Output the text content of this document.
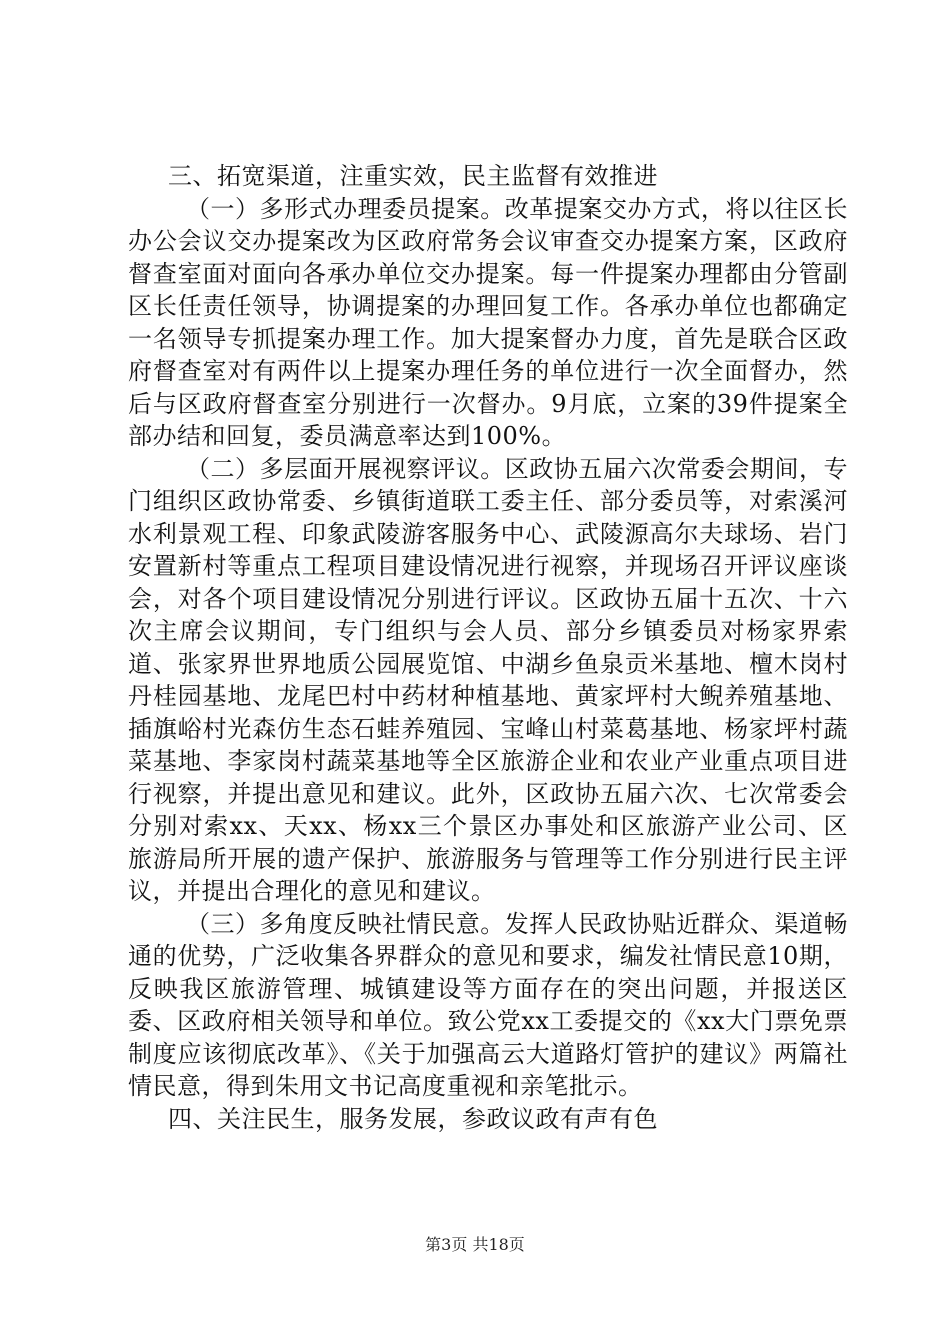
三、拓宽渠道，注重实效，民主监督有效推进

（一）多形式办理委员提案。改革提案交办方式，将以往区长办公会议交办提案改为区政府常务会议审查交办提案方案，区政府督查室面对面向各承办单位交办提案。每一件提案办理都由分管副区长任责任领导，协调提案的办理回复工作。各承办单位也都确定一名领导专抓提案办理工作。加大提案督办力度，首先是联合区政府督查室对有两件以上提案办理任务的单位进行一次全面督办，然后与区政府督查室分别进行一次督办。9月底，立案的39件提案全部办结和回复，委员满意率达到100%。

（二）多层面开展视察评议。区政协五届六次常委会期间，专门组织区政协常委、乡镇街道联工委主任、部分委员等，对索溪河水利景观工程、印象武陵游客服务中心、武陵源高尔夫球场、岩门安置新村等重点工程项目建设情况进行视察，并现场召开评议座谈会，对各个项目建设情况分别进行评议。区政协五届十五次、十六次主席会议期间，专门组织与会人员、部分乡镇委员对杨家界索道、张家界世界地质公园展览馆、中湖乡鱼泉贡米基地、檀木岗村丹桂园基地、龙尾巴村中药材种植基地、黄家坪村大鲵养殖基地、插旗峪村光森仿生态石蛙养殖园、宝峰山村菜葛基地、杨家坪村蔬菜基地、李家岗村蔬菜基地等全区旅游企业和农业产业重点项目进行视察，并提出意见和建议。此外，区政协五届六次、七次常委会分别对索xx、天xx、杨xx三个景区办事处和区旅游产业公司、区旅游局所开展的遗产保护、旅游服务与管理等工作分别进行民主评议，并提出合理化的意见和建议。

（三）多角度反映社情民意。发挥人民政协贴近群众、渠道畅通的优势，广泛收集各界群众的意见和要求，编发社情民意10期，反映我区旅游管理、城镇建设等方面存在的突出问题，并报送区委、区政府相关领导和单位。致公党xx工委提交的《xx大门票免票制度应该彻底改革》、《关于加强高云大道路灯管护的建议》两篇社情民意，得到朱用文书记高度重视和亲笔批示。

四、关注民生，服务发展，参政议政有声有色

第3页 共18页
